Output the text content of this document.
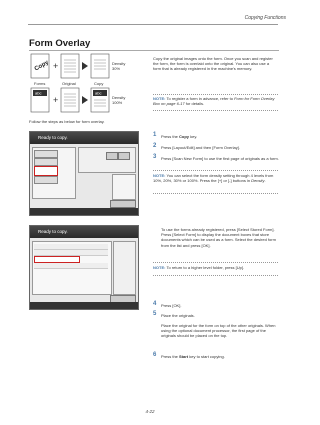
Copying Functions
Form Overlay
Copy +	Density
30%
Forms	Original	Copy
abc
+
abc
Density
100%
Copy the original images onto the form. Once you scan and register the form, the form is overlaid onto the original. You can also use a form that is already registered in the machine's memory.
NOTE: To register a form in advance, refer to Form for Form Overlay Box on page 6-17 for details.
Follow the steps as below for form overlay.
Ready to copy.	1 Press the Copy key.
2 Press [Layout/Edit] and then [Form Overlay].
3 Press [Scan New Form] to use the first page of originals as a form.
NOTE: You can select the form density setting through 4 levels from 10%, 20%, 30% or 100%. Press the [+] or [-] buttons in Density.
Ready to copy.	To use the forms already registered, press [Select Stored Form]. Press [Select Form] to display the document boxes that store documents which can be used as a form. Select the desired form from the list and press [OK].
NOTE: To return to a higher level folder, press [Up].
4 Press [OK].
5 Place the originals.
Place the original for the form on top of the other originals. When using the optional document processor, the first page of the originals should be placed on the top.
6 Press the Start key to start copying.
4-22
